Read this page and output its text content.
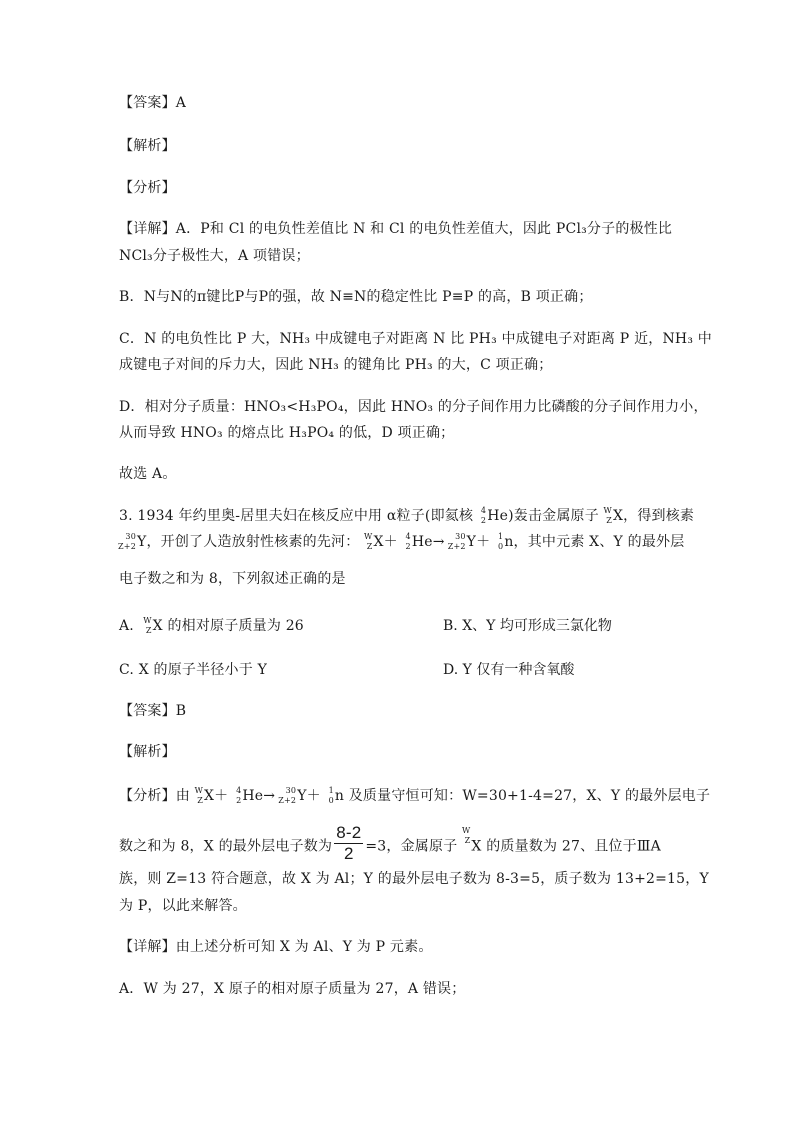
【答案】A
【解析】
【分析】
【详解】A．P和 Cl 的电负性差值比 N 和 Cl 的电负性差值大，因此 PCl₃分子的极性比
NCl₃分子极性大，A 项错误；
B．N与N的π键比P与P的强，故 N≡N的稳定性比 P≡P 的高，B 项正确；
C．N 的电负性比 P 大，NH₃ 中成键电子对距离 N 比 PH₃ 中成键电子对距离 P 近，NH₃ 中
成键电子对间的斥力大，因此 NH₃ 的键角比 PH₃ 的大，C 项正确；
D．相对分子质量：HNO₃<H₃PO₄，因此 HNO₃ 的分子间作用力比磷酸的分子间作用力小，
从而导致 HNO₃ 的熔点比 H₃PO₄ 的低，D 项正确；
故选 A。
3. 1934 年约里奥-居里夫妇在核反应中用 α粒子(即氦核 4
2 He)轰击金属原子 W
Z X，得到核素
30
Z+2 Y，开创了人造放射性核素的先河： W
Z X＋ 4
2 He→ 30
Z+2 Y＋ 1
0 n，其中元素 X、Y 的最外层
电子数之和为 8，下列叙述正确的是
A. W
Z X 的相对原子质量为 26	B. X、Y 均可形成三氯化物
C. X 的原子半径小于 Y	D. Y 仅有一种含氧酸
【答案】B
【解析】
【分析】由 W
Z X＋ 4
2 He→ 30
Z+2 Y＋ 1
0 n 及质量守恒可知：W=30+1-4=27，X、Y 的最外层电子
数之和为 8，X 的最外层电子数为 $\frac{8-2}{2} =3$，金属原子
W
Z X 的质量数为 27、且位于ⅢA
族，则 Z=13 符合题意，故 X 为 Al；Y 的最外层电子数为 8-3=5，质子数为 13+2=15，Y
为 P，以此来解答。
【详解】由上述分析可知 X 为 Al、Y 为 P 元素。
A．W 为 27，X 原子的相对原子质量为 27，A 错误；
